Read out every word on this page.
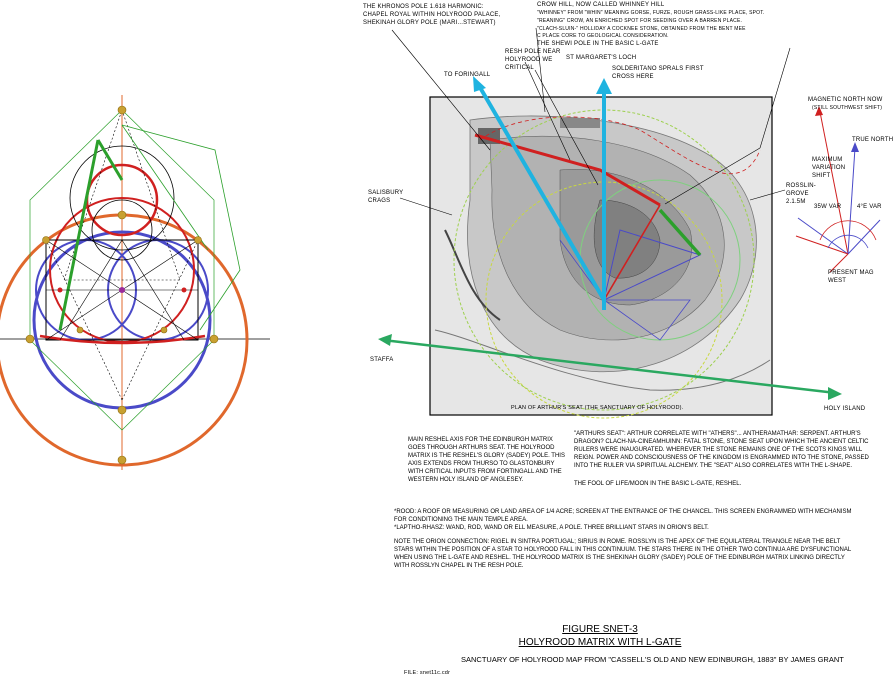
THE KHRONOS POLE 1.618 HARMONIC:
CHAPEL ROYAL WITHIN HOLYROOD PALACE,
SHEKINAH GLORY POLE (MARI...STEWART)
CROW HILL, NOW CALLED WHINNEY HILL
"WHINNEY" FROM "WHIN" MEANING GORSE, FURZE, ROUGH GRASS-LIKE PLACE, SPOT.
"REANING" CROW, AN ENRICHED SPOT FOR SEEDING OVER A BARREN PLACE.
"CLACH-SLUIN-" HOLLIDAY A COCKNEE STONE, OBTAINED FROM THE BENT MEE
C PLACE CORE TO GEOLOGICAL CONSIDERATION.
THE SHEWI POLE IN THE BASIC L-GATE
TO FORINGALL
RESH POLE NEAR
HOLYROOD WE
CRITICAL
ST MARGARET'S LOCH
SOLDERITANO SPRALS FIRST
CROSS HERE
SALISBURY
CRAGS
STAFFA
HOLY ISLAND
MAGNETIC NORTH NOW
(STILL SOUTHWEST SHIFT)
TRUE NORTH
MAXIMUM
VARIATION
SHIFT
ROSSLIN-
GROVE
2.1.5M
35W VAR	4°E VAR
PRESENT MAG
WEST
PLAN OF ARTHUR'S SEAT (THE SANCTUARY OF HOLYROOD).
MAIN RESHEL AXIS FOR THE EDINBURGH MATRIX GOES THROUGH ARTHURS SEAT. THE HOLYROOD MATRIX IS THE RESHEL'S GLORY (SADEY) POLE. THIS AXIS EXTENDS FROM THURSO TO GLASTONBURY WITH CRITICAL INPUTS FROM FORTINGALL AND THE WESTERN HOLY ISLAND OF ANGLESEY.
"ARTHURS SEAT": ARTHUR CORRELATE WITH "ATHERS"... ANTHERAMATHAR: SERPENT. ARTHUR'S DRAGON? CLACH-NA-CINEAMHUINN: FATAL STONE, STONE SEAT UPON WHICH THE ANCIENT CELTIC RULERS WERE INAUGURATED. WHEREVER THE STONE REMAINS ONE OF THE SCOTS KINGS WILL REIGN. POWER AND CONSCIOUSNESS OF THE KINGDOM IS ENGRAMMED INTO THE STONE, PASSED INTO THE RULER VIA SPIRITUAL ALCHEMY. THE "SEAT" ALSO CORRELATES WITH THE L-SHAPE.
THE FOOL OF LIFE/MOON IN THE BASIC L-GATE, RESHEL.
*ROOD: A ROOF OR MEASURING OR LAND AREA OF 1/4 ACRE; SCREEN AT THE ENTRANCE OF THE CHANCEL. THIS SCREEN ENGRAMMED WITH MECHANISM FOR CONDITIONING THE MAIN TEMPLE AREA.
*LAPTHO-RHASZ: WAND, ROD, WAND OR ELL MEASURE, A POLE. THREE BRILLIANT STARS IN ORION'S BELT.
NOTE THE ORION CONNECTION: RIGEL IN SINTRA PORTUGAL; SIRIUS IN ROME. ROSSLYN IS THE APEX OF THE EQUILATERAL TRIANGLE NEAR THE BELT STARS WITHIN THE POSITION OF A STAR TO HOLYROOD FALL IN THIS CONTINUUM. THE STARS THERE IN THE OTHER TWO CONTINUA ARE DYSFUNCTIONAL WHEN USING THE L-GATE AND RESHEL. THE HOLYROOD MATRIX IS THE SHEKINAH GLORY (SADEY) POLE OF THE EDINBURGH MATRIX LINKING DIRECTLY WITH ROSSLYN CHAPEL IN THE RESH POLE.
FIGURE SNET-3
HOLYROOD MATRIX WITH L-GATE
SANCTUARY OF HOLYROOD MAP FROM "CASSELL'S OLD AND NEW EDINBURGH, 1883" BY JAMES GRANT
FILE: snet11c.cdr
